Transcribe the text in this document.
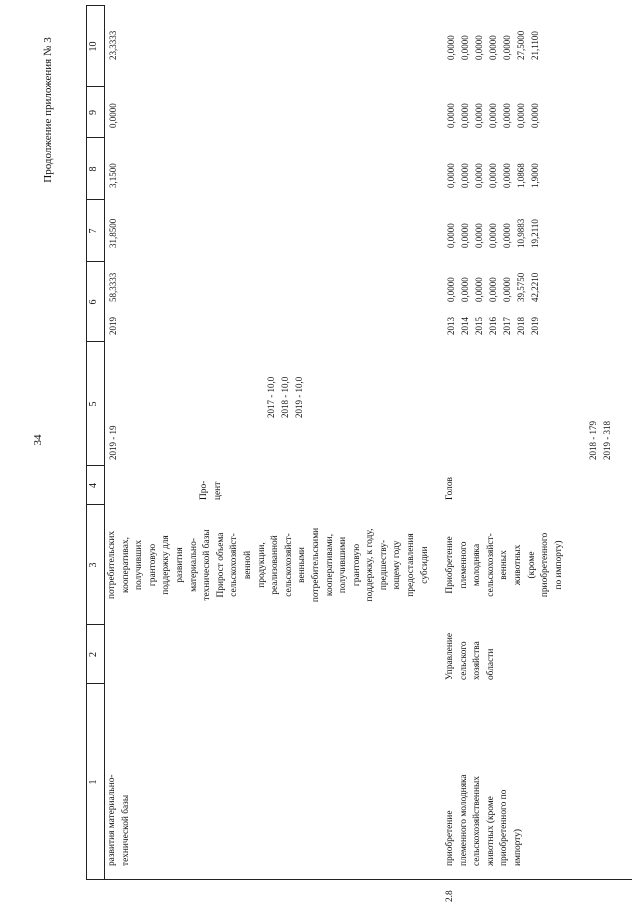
34
Продолжение приложения № 3
1
2
3
4
5
6
7
8
9
10
развития материально-
технической базы
потребительских
кооперативах,
получивших
грантовую
поддержку для
развития
материально-
технической базы
Прирост объема
сельскохозяйст-
венной
продукции,
реализованной
сельскохозяйст-
венными
потребительскими
кооперативами,
получившими
грантовую
поддержку, к году,
предшеству-
ющему году
предоставления
субсидии
Про-
цент
2019 - 19
2017 - 10,0
2018 - 10,0
2019 - 10,0
2019
58,3333
31,8500
3,1500
0,0000
23,3333
2.8
приобретение
племенного молодняка
сельскохозяйственных
животных (кроме
приобретенного по
импорту)
Управление
сельского
хозяйства
области
Приобретение
племенного
молодняка
сельскохозяйст-
венных
животных
(кроме
приобретенного
по импорту)
Голов

2018 - 179
2019 - 318
2013
2014
2015
2016
2017
2018
2019
0,0000
0,0000
0,0000
0,0000
0,0000
39,5750
42,2210
0,0000
0,0000
0,0000
0,0000
0,0000
10,9883
19,2110
0,0000
0,0000
0,0000
0,0000
0,0000
1,0868
1,9000
0,0000
0,0000
0,0000
0,0000
0,0000
0,0000
0,0000
0,0000
0,0000
0,0000
0,0000
0,0000
27,5000
21,1100
